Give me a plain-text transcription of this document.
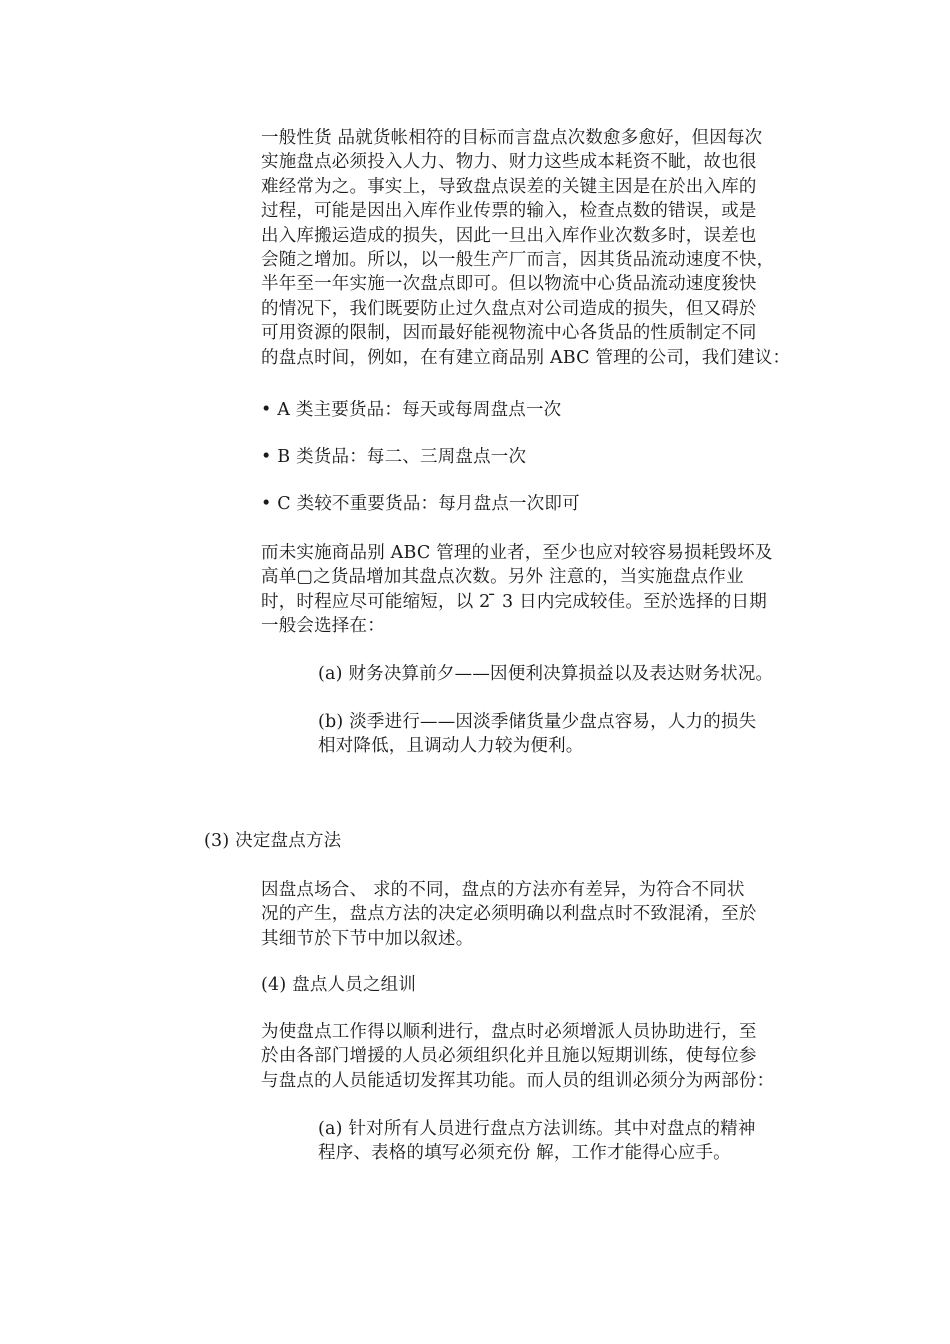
一般性货 品就货帐相符的目标而言盘点次数愈多愈好，但因每次
实施盘点必须投入人力、物力、财力这些成本耗资不眦，故也很
难经常为之。事实上，导致盘点误差的关键主因是在於出入库的
过程，可能是因出入库作业传票的输入，检查点数的错误，或是
出入库搬运造成的损失，因此一旦出入库作业次数多时，误差也
会随之增加。所以，以一般生产厂而言，因其货品流动速度不快，
半年至一年实施一次盘点即可。但以物流中心货品流动速度狻快
的情况下，我们既要防止过久盘点对公司造成的损失，但又碍於
可用资源的限制，因而最好能视物流中心各货品的性质制定不同
的盘点时间，例如，在有建立商品别 ABC 管理的公司，我们建议：
• A 类主要货品：每天或每周盘点一次
• B 类货品：每二、三周盘点一次
• C 类较不重要货品：每月盘点一次即可
而未实施商品别 ABC 管理的业者，至少也应对较容易损耗毁坏及
高单▢之货品增加其盘点次数。另外 注意的，当实施盘点作业
时，时程应尽可能缩短，以 2 ̄ 3 日内完成较佳。至於选择的日期
一般会选择在：
(a) 财务决算前夕——因便利决算损益以及表达财务状况。
(b) 淡季进行——因淡季储货量少盘点容易，人力的损失
相对降低，且调动人力较为便利。
(3) 决定盘点方法
因盘点场合、 求的不同，盘点的方法亦有差异，为符合不同状
况的产生，盘点方法的决定必须明确以利盘点时不致混淆，至於
其细节於下节中加以叙述。
(4) 盘点人员之组训
为使盘点工作得以顺利进行，盘点时必须增派人员协助进行，至
於由各部门增援的人员必须组织化并且施以短期训练，使每位参
与盘点的人员能适切发挥其功能。而人员的组训必须分为两部份：
(a) 针对所有人员进行盘点方法训练。其中对盘点的精神
程序、表格的填写必须充份 解，工作才能得心应手。
